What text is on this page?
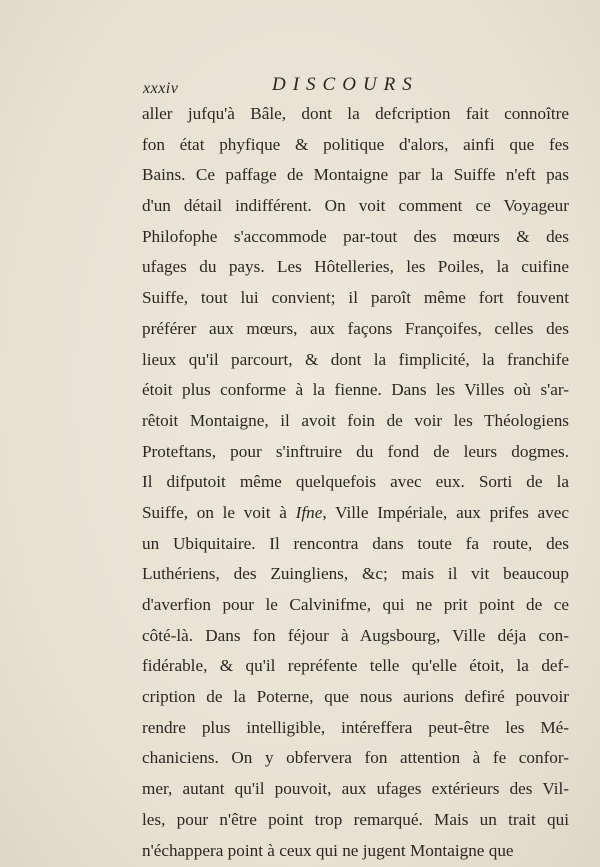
xxxiv	DISCOURS
aller jufqu'à Bâle, dont la defcription fait connoître
fon état phyfique & politique d'alors, ainfi que fes
Bains. Ce paffage de Montaigne par la Suiffe n'eft pas
d'un détail indifférent. On voit comment ce Voyageur
Philofophe s'accommode par-tout des mœurs & des
ufages du pays. Les Hôtelleries, les Poiles, la cuifine
Suiffe, tout lui convient; il paroît même fort fouvent
préférer aux mœurs, aux façons Françoifes, celles des
lieux qu'il parcourt, & dont la fimplicité, la franchife
étoit plus conforme à la fienne. Dans les Villes où s'ar-
rêtoit Montaigne, il avoit foin de voir les Théologiens
Proteftans, pour s'inftruire du fond de leurs dogmes.
Il difputoit même quelquefois avec eux. Sorti de la
Suiffe, on le voit à Ifne, Ville Impériale, aux prifes avec
un Ubiquitaire. Il rencontra dans toute fa route, des
Luthériens, des Zuingliens, &c; mais il vit beaucoup
d'averfion pour le Calvinifme, qui ne prit point de ce
côté-là. Dans fon féjour à Augsbourg, Ville déja con-
fidérable, & qu'il repréfente telle qu'elle étoit, la def-
cription de la Poterne, que nous aurions defiré pouvoir
rendre plus intelligible, intéreffera peut-être les Mé-
chaniciens. On y obfervera fon attention à fe confor-
mer, autant qu'il pouvoit, aux ufages extérieurs des Vil-
les, pour n'être point trop remarqué. Mais un trait qui
n'échappera point à ceux qui ne jugent Montaigne que
